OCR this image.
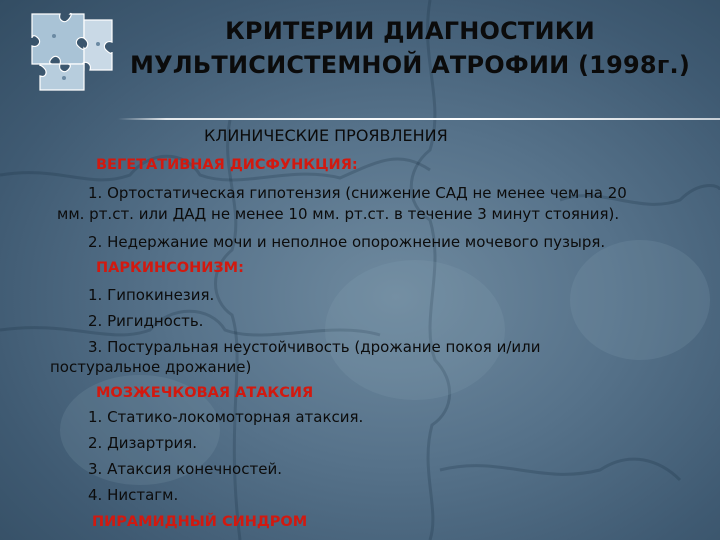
КРИТЕРИИ ДИАГНОСТИКИ
МУЛЬТИСИСТЕМНОЙ АТРОФИИ (1998г.)
КЛИНИЧЕСКИЕ ПРОЯВЛЕНИЯ
ВЕГЕТАТИВНАЯ ДИСФУНКЦИЯ:
1. Ортостатическая гипотензия (снижение САД не менее чем на 20
мм. рт.ст. или ДАД не менее 10 мм. рт.ст. в течение 3 минут стояния).
2. Недержание мочи и неполное опорожнение мочевого пузыря.
ПАРКИНСОНИЗМ:
1. Гипокинезия.
2. Ригидность.
3. Постуральная неустойчивость (дрожание покоя и/или
постуральное дрожание)
МОЗЖЕЧКОВАЯ АТАКСИЯ
1. Статико-локомоторная атаксия.
2. Дизартрия.
3. Атаксия конечностей.
4. Нистагм.
ПИРАМИДНЫЙ СИНДРОМ
